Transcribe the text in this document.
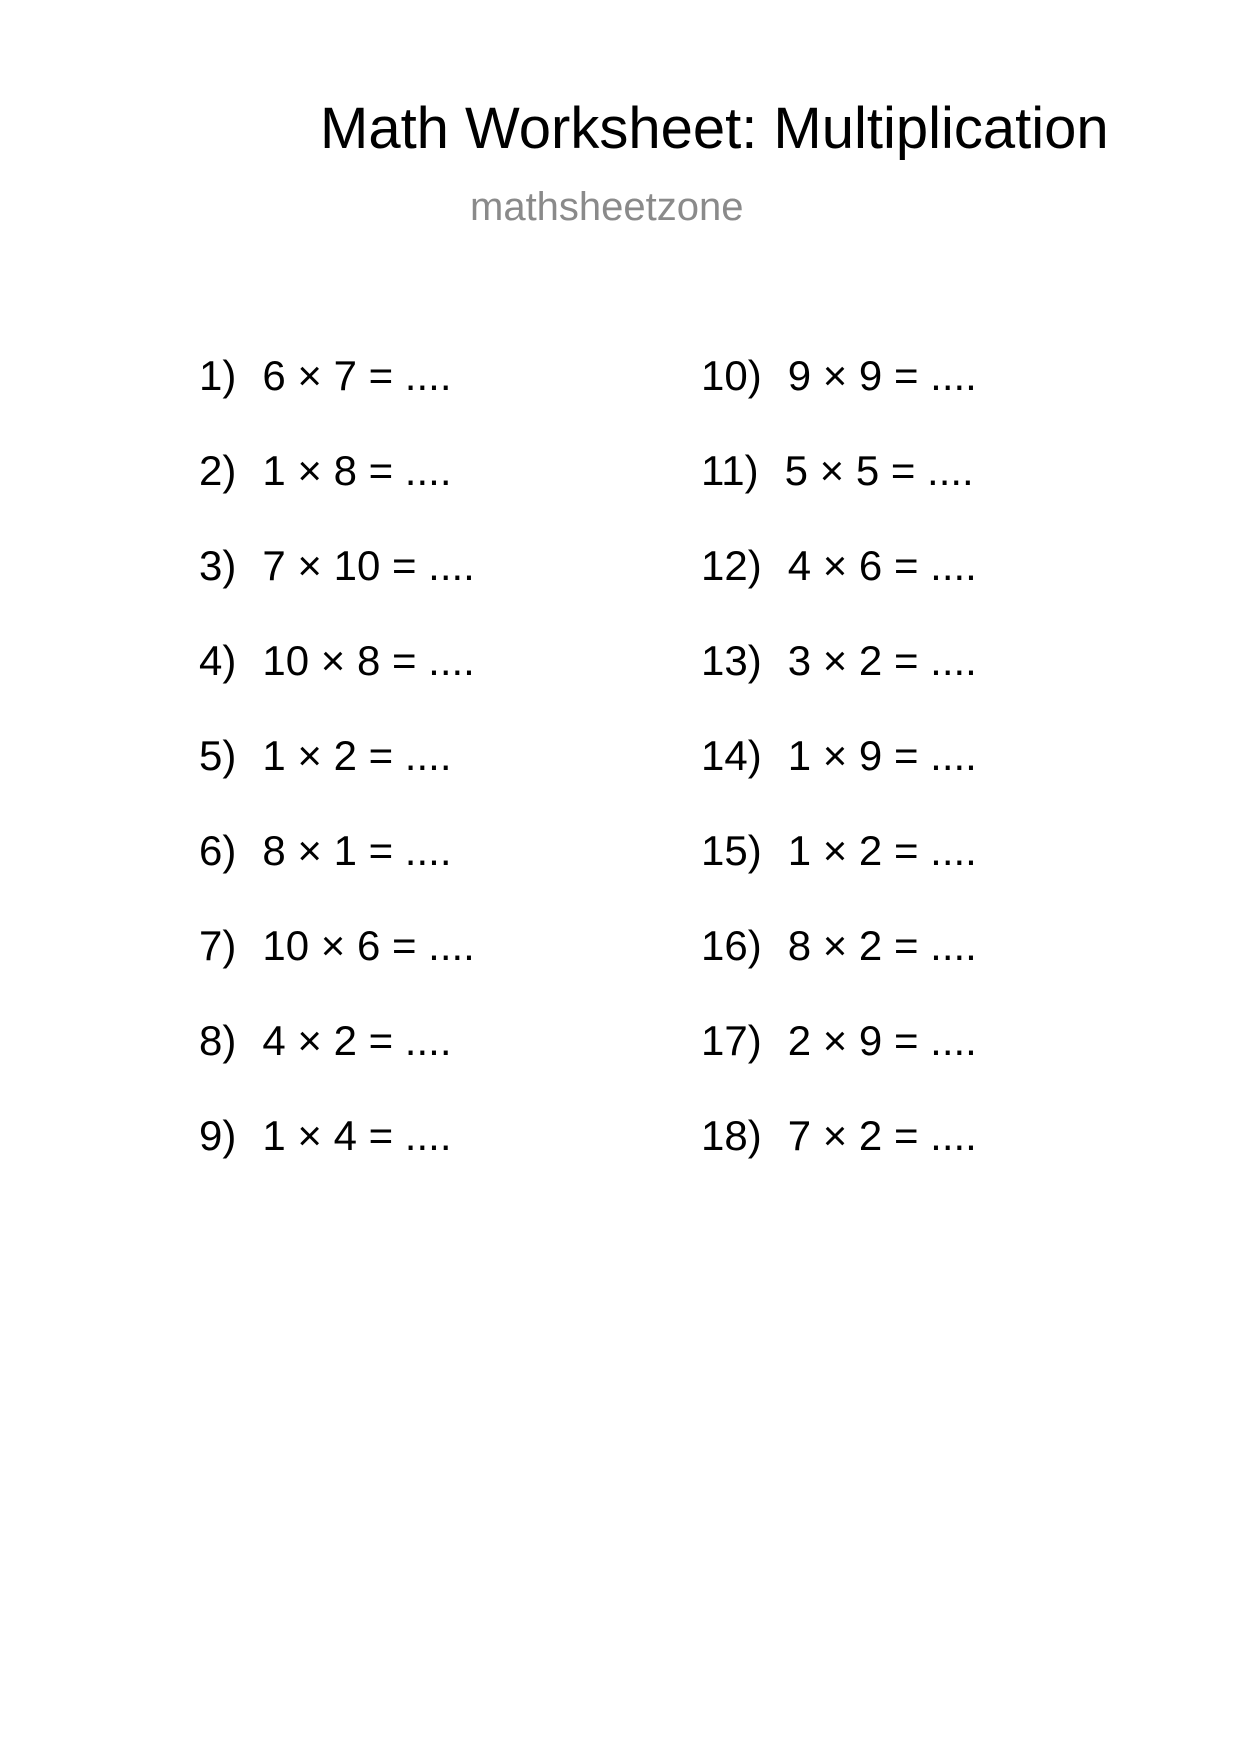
Math Worksheet: Multiplication
mathsheetzone
1) 6 × 7 = ....
2) 1 × 8 = ....
3) 7 × 10 = ....
4) 10 × 8 = ....
5) 1 × 2 = ....
6) 8 × 1 = ....
7) 10 × 6 = ....
8) 4 × 2 = ....
9) 1 × 4 = ....
10) 9 × 9 = ....
11) 5 × 5 = ....
12) 4 × 6 = ....
13) 3 × 2 = ....
14) 1 × 9 = ....
15) 1 × 2 = ....
16) 8 × 2 = ....
17) 2 × 9 = ....
18) 7 × 2 = ....
